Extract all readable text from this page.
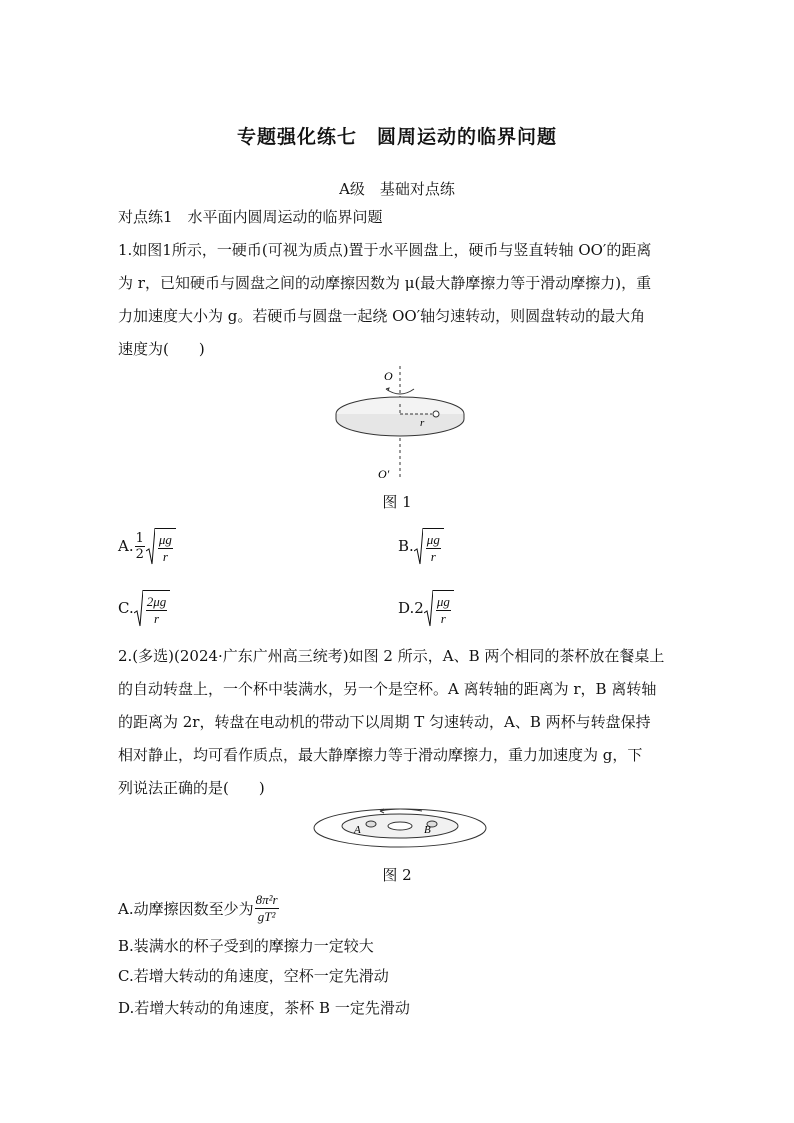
专题强化练七　圆周运动的临界问题
A级　基础对点练
对点练1　水平面内圆周运动的临界问题
1.如图1所示，一硬币(可视为质点)置于水平圆盘上，硬币与竖直转轴 OO′的距离
为 r，已知硬币与圆盘之间的动摩擦因数为 μ(最大静摩擦力等于滑动摩擦力)，重
力加速度大小为 g。若硬币与圆盘一起绕 OO′轴匀速转动，则圆盘转动的最大角
速度为(　　)
O
r
O′
图 1
A. $\frac{1}{2} \frac{\mu g}{r}$	B. $\frac{\mu g}{r}$
C. $\frac{2\mu g}{r}$	$D.2 \frac{\mu g}{r}$
2.(多选)(2024·广东广州高三统考)如图 2 所示，A、B 两个相同的茶杯放在餐桌上
的自动转盘上，一个杯中装满水，另一个是空杯。A 离转轴的距离为 r，B 离转轴
的距离为 2r，转盘在电动机的带动下以周期 T 匀速转动，A、B 两杯与转盘保持
相对静止，均可看作质点，最大静摩擦力等于滑动摩擦力，重力加速度为 g，下
列说法正确的是(　　)
A	B
图 2
A.动摩擦因数至少为 $\frac{\text{8π²r}}{\text{gT²}}$
B.装满水的杯子受到的摩擦力一定较大
C.若增大转动的角速度，空杯一定先滑动
D.若增大转动的角速度，茶杯 B 一定先滑动
